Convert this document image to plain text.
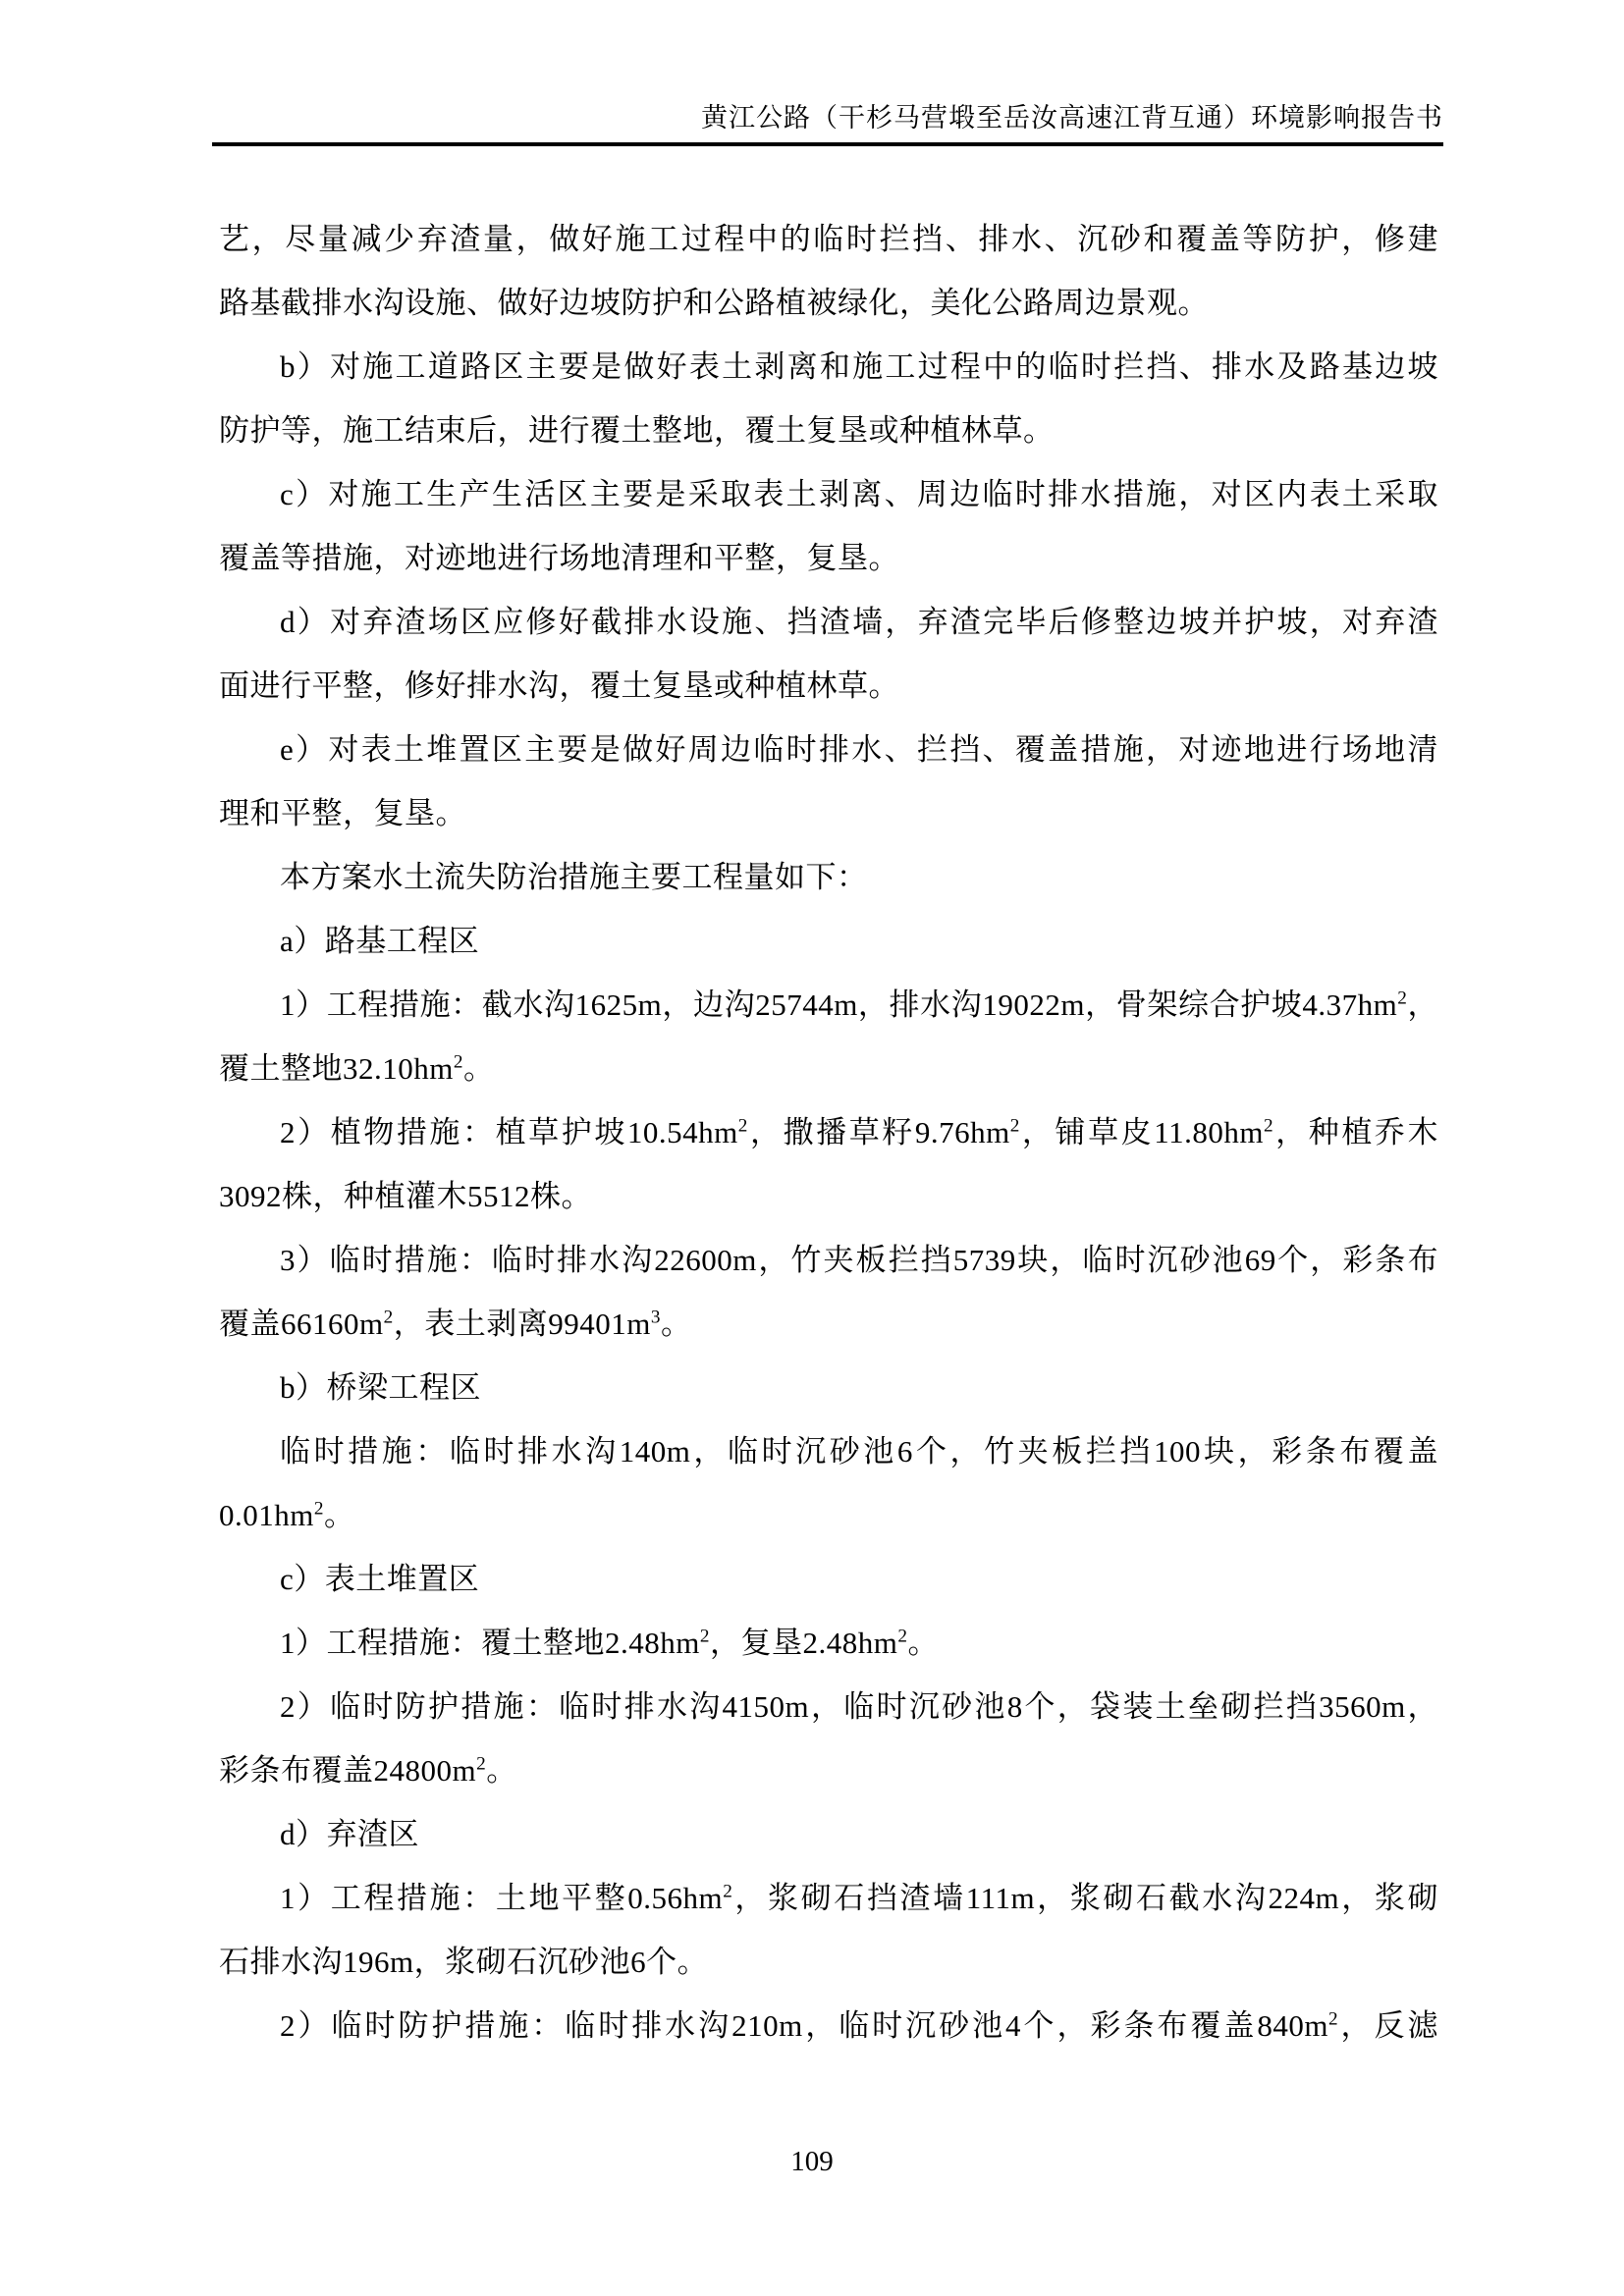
黄江公路（干杉马营塅至岳汝高速江背互通）环境影响报告书
艺，尽量减少弃渣量，做好施工过程中的临时拦挡、排水、沉砂和覆盖等防护，修建
路基截排水沟设施、做好边坡防护和公路植被绿化，美化公路周边景观。
b）对施工道路区主要是做好表土剥离和施工过程中的临时拦挡、排水及路基边坡
防护等，施工结束后，进行覆土整地，覆土复垦或种植林草。
c）对施工生产生活区主要是采取表土剥离、周边临时排水措施，对区内表土采取
覆盖等措施，对迹地进行场地清理和平整，复垦。
d）对弃渣场区应修好截排水设施、挡渣墙，弃渣完毕后修整边坡并护坡，对弃渣
面进行平整，修好排水沟，覆土复垦或种植林草。
e）对表土堆置区主要是做好周边临时排水、拦挡、覆盖措施，对迹地进行场地清
理和平整，复垦。
本方案水土流失防治措施主要工程量如下：
a）路基工程区
1）工程措施：截水沟1625m，边沟25744m，排水沟19022m，骨架综合护坡$4.37hm^2$，
覆土整地$32.10hm^2$。
2）植物措施：植草护坡$10.54hm^2$，撒播草籽$9.76hm^2$，铺草皮$11.80hm^2$，种植乔木
3092株，种植灌木5512株。
3）临时措施：临时排水沟22600m，竹夹板拦挡5739块，临时沉砂池69个，彩条布
覆盖$66160m^2$，表土剥离$99401m^3$。
b）桥梁工程区
临时措施：临时排水沟140m，临时沉砂池6个，竹夹板拦挡100块，彩条布覆盖
$0.01hm^2$。
c）表土堆置区
1）工程措施：覆土整地$2.48hm^2$，复垦$2.48hm^2$。
2）临时防护措施：临时排水沟4150m，临时沉砂池8个，袋装土垒砌拦挡3560m，
彩条布覆盖$24800m^2$。
d）弃渣区
1）工程措施：土地平整$0.56hm^2$，浆砌石挡渣墙111m，浆砌石截水沟224m，浆砌
石排水沟196m，浆砌石沉砂池6个。
2）临时防护措施：临时排水沟210m，临时沉砂池4个，彩条布覆盖$840m^2$，反滤
109
